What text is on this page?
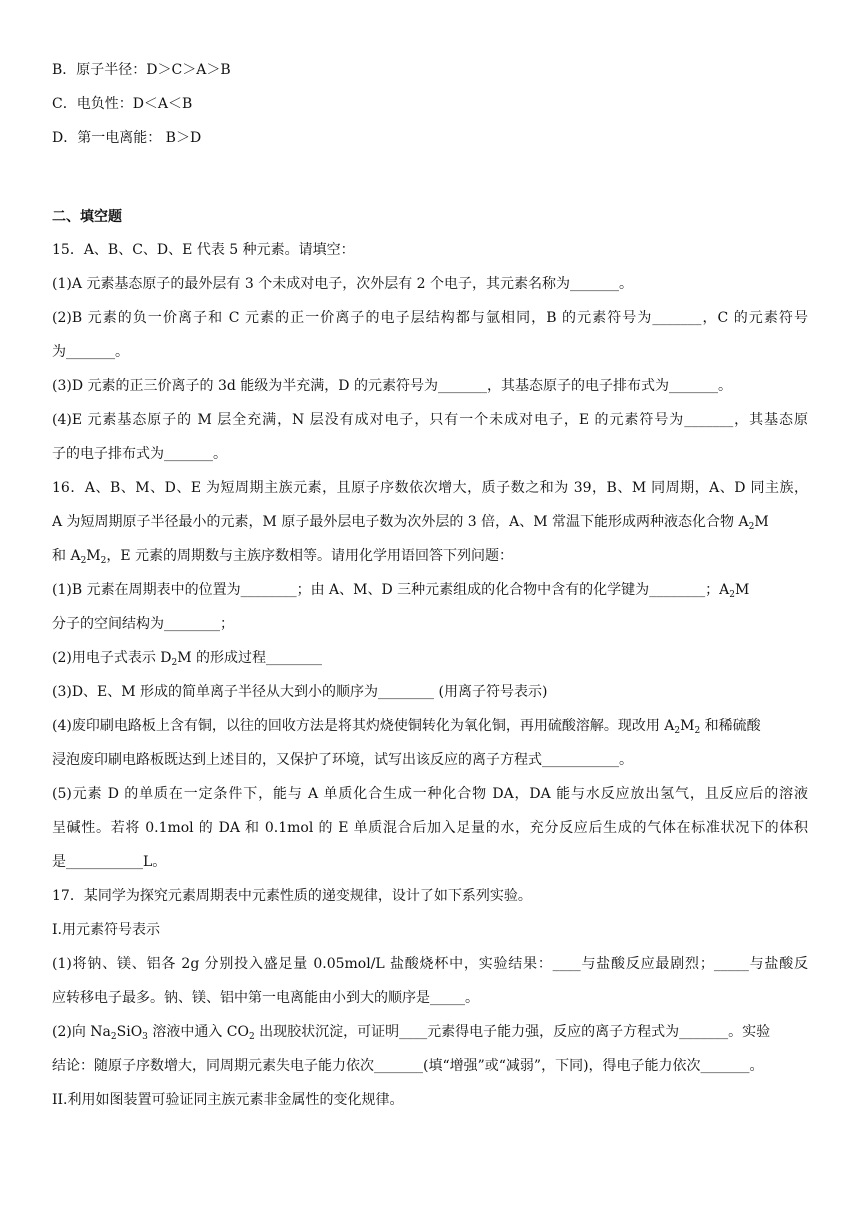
B．原子半径：D＞C＞A＞B
C．电负性：D＜A＜B
D．第一电离能： B＞D
二、填空题
15．A、B、C、D、E 代表 5 种元素。请填空：
(1)A 元素基态原子的最外层有 3 个未成对电子，次外层有 2 个电子，其元素名称为_______。
(2)B 元素的负一价离子和 C 元素的正一价离子的电子层结构都与氩相同，B 的元素符号为_______，C 的元素符号
为_______。
(3)D 元素的正三价离子的 3d 能级为半充满，D 的元素符号为_______，其基态原子的电子排布式为_______。
(4)E 元素基态原子的 M 层全充满，N 层没有成对电子，只有一个未成对电子，E 的元素符号为_______，其基态原
子的电子排布式为_______。
16．A、B、M、D、E 为短周期主族元素，且原子序数依次增大，质子数之和为 39，B、M 同周期，A、D 同主族，
A 为短周期原子半径最小的元素，M 原子最外层电子数为次外层的 3 倍，A、M 常温下能形成两种液态化合物 $A_2M$
和 $A_2M_2$，E 元素的周期数与主族序数相等。请用化学用语回答下列问题：
(1)B 元素在周期表中的位置为________；由 A、M、D 三种元素组成的化合物中含有的化学键为________；$A_2M$
分子的空间结构为________；
(2)用电子式表示 $D_2M$ 的形成过程________
(3)D、E、M 形成的简单离子半径从大到小的顺序为________ (用离子符号表示)
(4)废印刷电路板上含有铜，以往的回收方法是将其灼烧使铜转化为氧化铜，再用硫酸溶解。现改用 $A_2M_2$ 和稀硫酸
浸泡废印刷电路板既达到上述目的，又保护了环境，试写出该反应的离子方程式___________。
(5)元素 D 的单质在一定条件下，能与 A 单质化合生成一种化合物 DA，DA 能与水反应放出氢气，且反应后的溶液
呈碱性。若将 0.1mol 的 DA 和 0.1mol 的 E 单质混合后加入足量的水，充分反应后生成的气体在标准状况下的体积
是___________L。
17．某同学为探究元素周期表中元素性质的递变规律，设计了如下系列实验。
I.用元素符号表示
(1)将钠、镁、铝各 2g 分别投入盛足量 0.05mol/L 盐酸烧杯中，实验结果：____与盐酸反应最剧烈；_____与盐酸反
应转移电子最多。钠、镁、铝中第一电离能由小到大的顺序是_____。
(2)向 $Na_2SiO_3$ 溶液中通入 $CO_2$ 出现胶状沉淀，可证明____元素得电子能力强，反应的离子方程式为_______。实验
结论：随原子序数增大，同周期元素失电子能力依次_______(填“增强”或“减弱”，下同)，得电子能力依次_______。
II.利用如图装置可验证同主族元素非金属性的变化规律。
